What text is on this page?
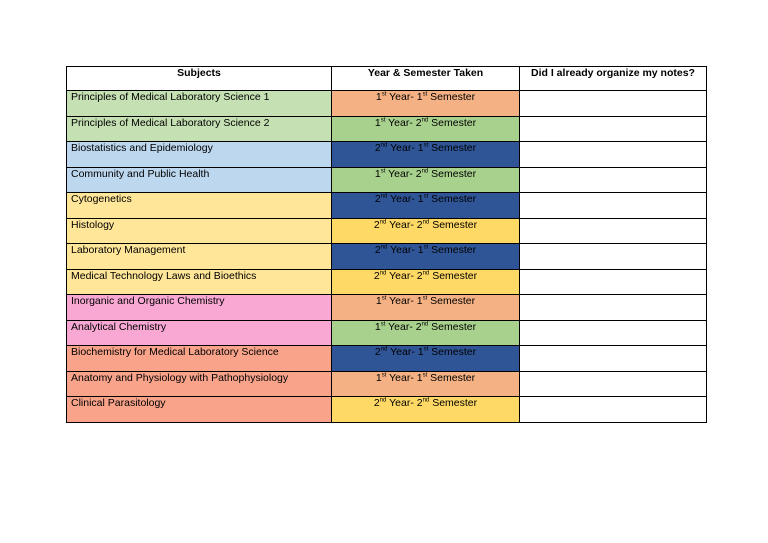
Subjects	Year & Semester Taken	Did I already organize my notes?
Principles of Medical Laboratory Science 1	1st Year- 1st Semester	
Principles of Medical Laboratory Science 2	1st Year- 2nd Semester	
Biostatistics and Epidemiology	2nd Year- 1st Semester	
Community and Public Health	1st Year- 2nd Semester	
Cytogenetics	2nd Year- 1st Semester	
Histology	2nd Year- 2nd Semester	
Laboratory Management	2nd Year- 1st Semester	
Medical Technology Laws and Bioethics	2nd Year- 2nd Semester	
Inorganic and Organic Chemistry	1st Year- 1st Semester	
Analytical Chemistry	1st Year- 2nd Semester	
Biochemistry for Medical Laboratory Science	2nd Year- 1st Semester	
Anatomy and Physiology with Pathophysiology	1st Year- 1st Semester	
Clinical Parasitology	2nd Year- 2nd Semester	
